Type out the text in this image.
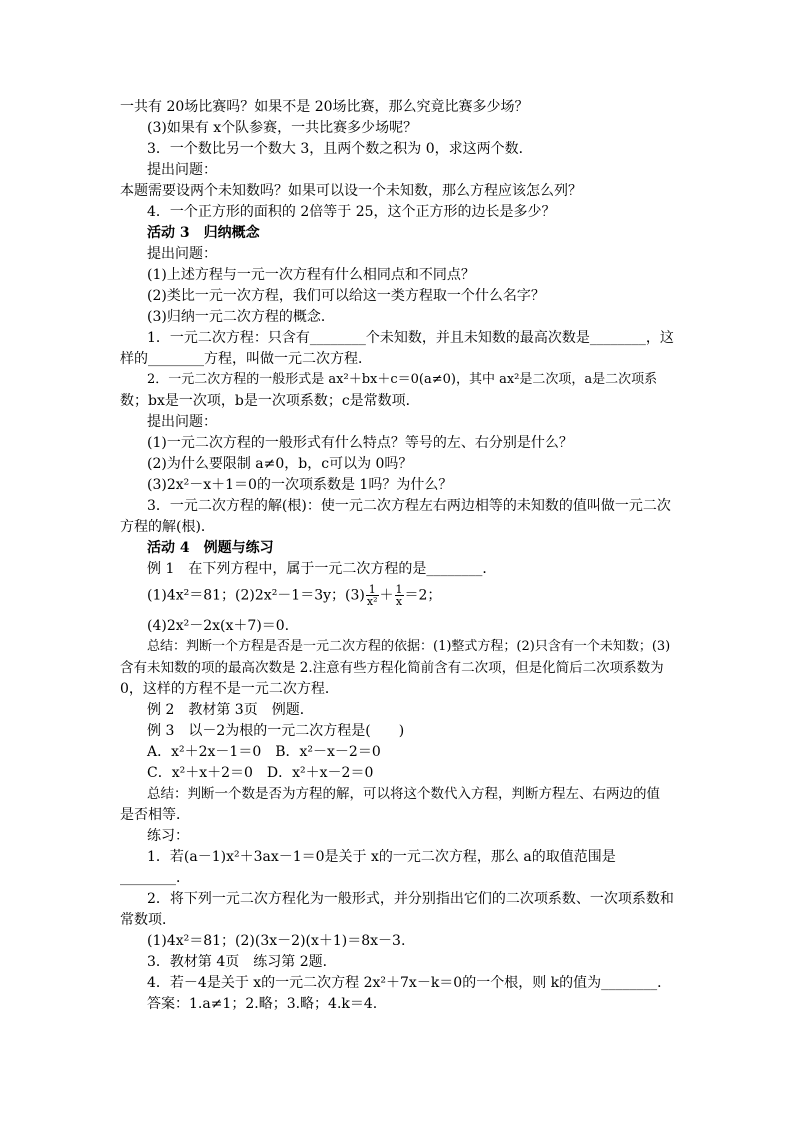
一共有 20场比赛吗？如果不是 20场比赛，那么究竟比赛多少场？
(3)如果有 x个队参赛，一共比赛多少场呢？
3．一个数比另一个数大 3，且两个数之积为 0，求这两个数．
提出问题：
本题需要设两个未知数吗？如果可以设一个未知数，那么方程应该怎么列？
4．一个正方形的面积的 2倍等于 25，这个正方形的边长是多少？
活动 3　归纳概念
提出问题：
(1)上述方程与一元一次方程有什么相同点和不同点？
(2)类比一元一次方程，我们可以给这一类方程取一个什么名字？
(3)归纳一元二次方程的概念．
1．一元二次方程：只含有________个未知数，并且未知数的最高次数是________，这
样的________方程，叫做一元二次方程．
2．一元二次方程的一般形式是 ax²＋bx＋c＝0(a≠0)，其中 ax²是二次项，a是二次项系
数；bx是一次项，b是一次项系数；c是常数项．
提出问题：
(1)一元二次方程的一般形式有什么特点？等号的左、右分别是什么？
(2)为什么要限制 a≠0，b，c可以为 0吗？
(3)2x²－x＋1＝0的一次项系数是 1吗？为什么？
3．一元二次方程的解(根)：使一元二次方程左右两边相等的未知数的值叫做一元二次
方程的解(根)．
活动 4　例题与练习
例 1　在下列方程中，属于一元二次方程的是________．
(1)4x²＝81；(2)2x²－1＝3y；$(3) \frac{1}{\text{x²}} + \frac{1}{x} =2$；
(4)2x²－2x(x＋7)＝0.
总结：判断一个方程是否是一元二次方程的依据：(1)整式方程；(2)只含有一个未知数；(3)
含有未知数的项的最高次数是 2.注意有些方程化简前含有二次项，但是化简后二次项系数为
0，这样的方程不是一元二次方程．
例 2　教材第 3页　例题．
例 3　以－2为根的一元二次方程是(　　)
A．x²＋2x－1＝0　B．x²－x－2＝0
C．x²＋x＋2＝0　D．x²＋x－2＝0
总结：判断一个数是否为方程的解，可以将这个数代入方程，判断方程左、右两边的值
是否相等．
练习：
1．若(a－1)x²＋3ax－1＝0是关于 x的一元二次方程，那么 a的取值范围是
________．
2．将下列一元二次方程化为一般形式，并分别指出它们的二次项系数、一次项系数和
常数项．
(1)4x²＝81；(2)(3x－2)(x＋1)＝8x－3.
3．教材第 4页　练习第 2题．
4．若－4是关于 x的一元二次方程 2x²＋7x－k＝0的一个根，则 k的值为________．
答案：1.a≠1；2.略；3.略；4.k＝4.
